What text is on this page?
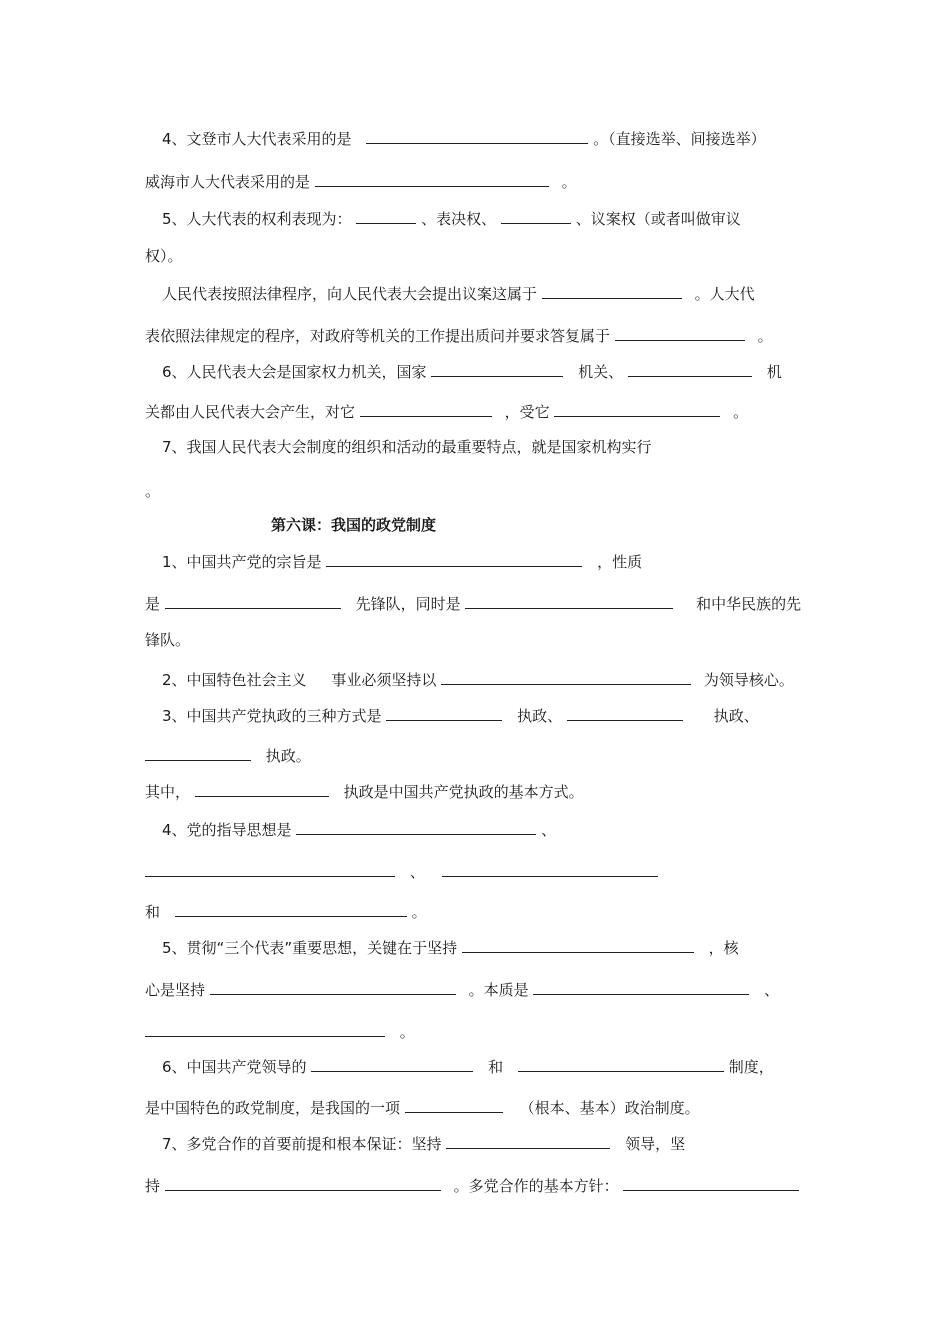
4、文登市人大代表采用的是	。（直接选举、间接选举）
威海市人大代表采用的是	。
5、人大代表的权利表现为：	、表决权、	、议案权（或者叫做审议
权）。
人民代表按照法律程序，向人民代表大会提出议案这属于	。人大代
表依照法律规定的程序，对政府等机关的工作提出质问并要求答复属于	。
6、人民代表大会是国家权力机关，国家	机关、	机
关都由人民代表大会产生，对它	，受它	。
7、我国人民代表大会制度的组织和活动的最重要特点，就是国家机构实行
。
第六课：我国的政党制度
1、中国共产党的宗旨是	，性质
是	先锋队，同时是	和中华民族的先
锋队。
2、中国特色社会主义 事业必须坚持以	为领导核心。
3、中国共产党执政的三种方式是	执政、	执政、
执政。
其中，	执政是中国共产党执政的基本方式。
4、党的指导思想是	、
、
和	。
5、贯彻“三个代表”重要思想，关键在于坚持	，核
心是坚持	。本质是	、
。
6、中国共产党领导的	和	制度，
是中国特色的政党制度，是我国的一项	（根本、基本）政治制度。
7、多党合作的首要前提和根本保证：坚持	领导，坚
持	。多党合作的基本方针：
